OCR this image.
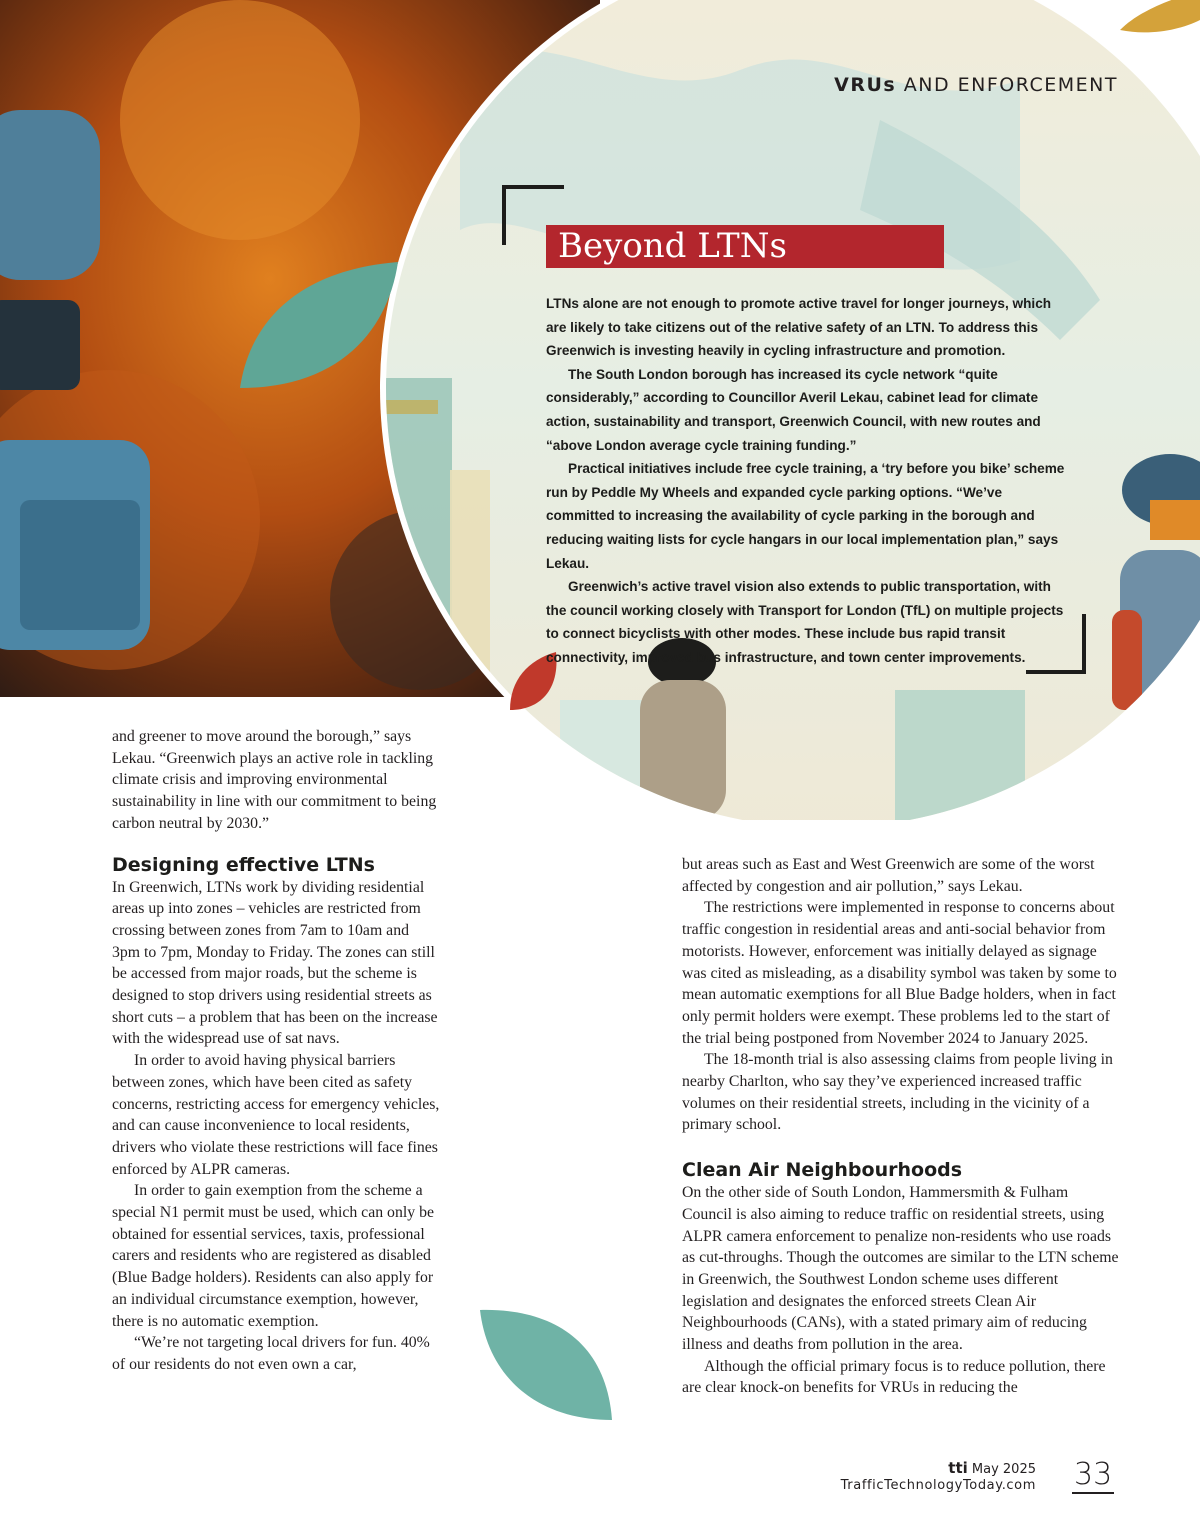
VRUs AND ENFORCEMENT
Beyond LTNs

LTNs alone are not enough to promote active travel for longer journeys, which are likely to take citizens out of the relative safety of an LTN. To address this Greenwich is investing heavily in cycling infrastructure and promotion.

The South London borough has increased its cycle network “quite considerably,” according to Councillor Averil Lekau, cabinet lead for climate action, sustainability and transport, Greenwich Council, with new routes and “above London average cycle training funding.”

Practical initiatives include free cycle training, a ‘try before you bike’ scheme run by Peddle My Wheels and expanded cycle parking options. “We’ve committed to increasing the availability of cycle parking in the borough and reducing waiting lists for cycle hangars in our local implementation plan,” says Lekau.

Greenwich’s active travel vision also extends to public transportation, with the council working closely with Transport for London (TfL) on multiple projects to connect bicyclists with other modes. These include bus rapid transit connectivity, improved bus infrastructure, and town center improvements.

and greener to move around the borough,” says Lekau. “Greenwich plays an active role in tackling climate crisis and improving environmental sustainability in line with our commitment to being carbon neutral by 2030.”

Designing effective LTNs

In Greenwich, LTNs work by dividing residential areas up into zones – vehicles are restricted from crossing between zones from 7am to 10am and 3pm to 7pm, Monday to Friday. The zones can still be accessed from major roads, but the scheme is designed to stop drivers using residential streets as short cuts – a problem that has been on the increase with the widespread use of sat navs.

In order to avoid having physical barriers between zones, which have been cited as safety concerns, restricting access for emergency vehicles, and can cause inconvenience to local residents, drivers who violate these restrictions will face fines enforced by ALPR cameras.

In order to gain exemption from the scheme a special N1 permit must be used, which can only be obtained for essential services, taxis, professional carers and residents who are registered as disabled (Blue Badge holders). Residents can also apply for an individual circumstance exemption, however, there is no automatic exemption.

“We’re not targeting local drivers for fun. 40% of our residents do not even own a car,

but areas such as East and West Greenwich are some of the worst affected by congestion and air pollution,” says Lekau.

The restrictions were implemented in response to concerns about traffic congestion in residential areas and anti-social behavior from motorists. However, enforcement was initially delayed as signage was cited as misleading, as a disability symbol was taken by some to mean automatic exemptions for all Blue Badge holders, when in fact only permit holders were exempt. These problems led to the start of the trial being postponed from November 2024 to January 2025.

The 18-month trial is also assessing claims from people living in nearby Charlton, who say they’ve experienced increased traffic volumes on their residential streets, including in the vicinity of a primary school.

Clean Air Neighbourhoods

On the other side of South London, Hammersmith & Fulham Council is also aiming to reduce traffic on residential streets, using ALPR camera enforcement to penalize non-residents who use roads as cut-throughs. Though the outcomes are similar to the LTN scheme in Greenwich, the Southwest London scheme uses different legislation and designates the enforced streets Clean Air Neighbourhoods (CANs), with a stated primary aim of reducing illness and deaths from pollution in the area.

Although the official primary focus is to reduce pollution, there are clear knock-on benefits for VRUs in reducing the

tti May 2025
TrafficTechnologyToday.com 33
